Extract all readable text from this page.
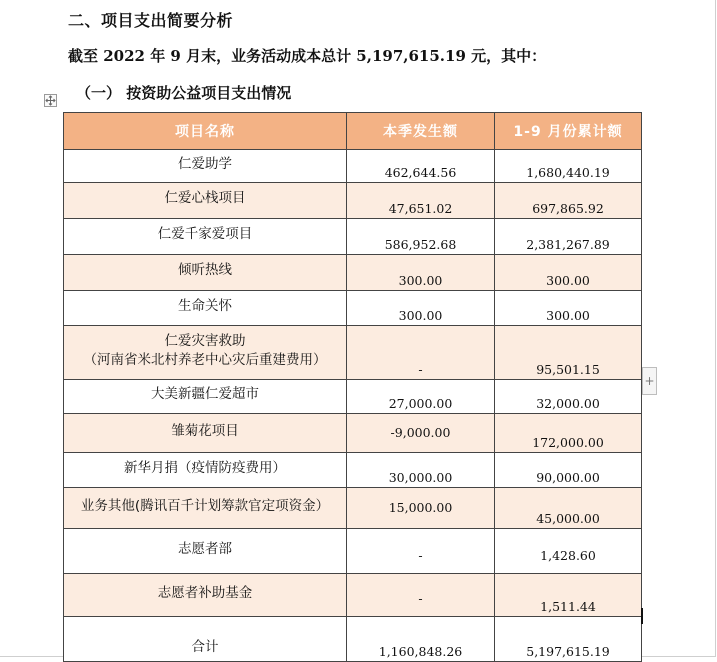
二、项目支出简要分析
截至 2022 年 9 月末，业务活动成本总计 5,197,615.19 元，其中：
（一） 按资助公益项目支出情况
项目名称	本季发生额	1-9 月份累计额

仁爱助学	462,644.56	1,680,440.19

仁爱心栈项目	47,651.02	697,865.92

仁爱千家爱项目	586,952.68	2,381,267.89

倾听热线	300.00	300.00

生命关怀	300.00	300.00

仁爱灾害救助
（河南省米北村养老中心灾后重建费用）	-	95,501.15

大美新疆仁爱超市	27,000.00	32,000.00

雏菊花项目	-9,000.00	172,000.00

新华月捐（疫情防疫费用）	30,000.00	90,000.00

业务其他(腾讯百千计划筹款官定项资金）	15,000.00	45,000.00

志愿者部	-	1,428.60

志愿者补助基金	-	1,511.44

合计	1,160,848.26	5,197,615.19
+
